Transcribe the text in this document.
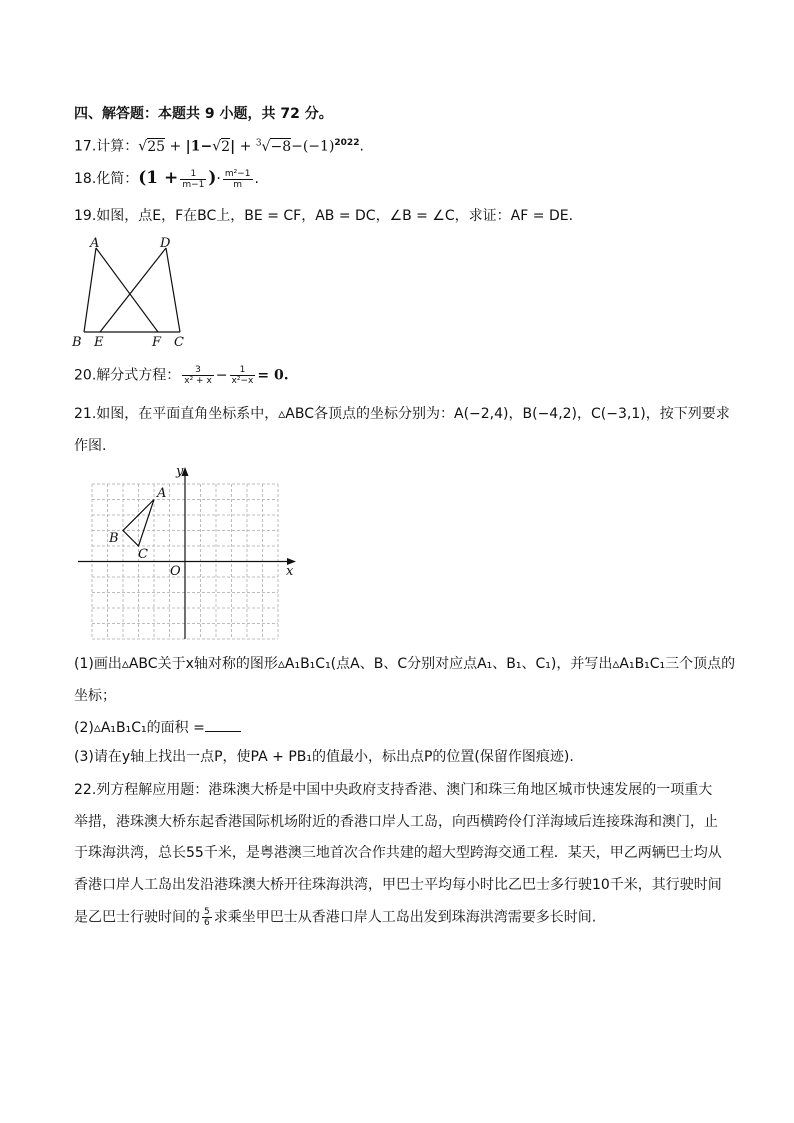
四、解答题：本题共 9 小题，共 72 分。
17.计算：$√25 + |1-√2| + ^3√-8-(-1)^{2022}$.
18.化简：($1 + \frac{1}{m-1}$ )· $\frac{\text{m²−1}}{m}$ .
19.如图，点E，F在BC上，BE = CF，AB = DC，∠B = ∠C，求证：AF = DE.
A	D
B E	F C
20.解分式方程： $\frac{3}{\text{x² + x}} - \frac{1}{\text{x²−x}} = 0$.
21.如图，在平面直角坐标系中，▵ABC各顶点的坐标分别为：A(−2,4)，B(−4,2)，C(−3,1)，按下列要求
作图.
y
x
O
A
B
C
(1)画出▵ABC关于x轴对称的图形▵A₁B₁C₁(点A、B、C分别对应点A₁、B₁、C₁)，并写出▵A₁B₁C₁三个顶点的
坐标；
(2)▵A₁B₁C₁的面积 =
(3)请在y轴上找出一点P，使PA + PB₁的值最小，标出点P的位置(保留作图痕迹).
22.列方程解应用题：港珠澳大桥是中国中央政府支持香港、澳门和珠三角地区城市快速发展的一项重大
举措，港珠澳大桥东起香港国际机场附近的香港口岸人工岛，向西横跨伶仃洋海域后连接珠海和澳门，止
于珠海洪湾，总长55千米，是粤港澳三地首次合作共建的超大型跨海交通工程．某天，甲乙两辆巴士均从
香港口岸人工岛出发沿港珠澳大桥开往珠海洪湾，甲巴士平均每小时比乙巴士多行驶10千米，其行驶时间
是乙巴士行驶时间的 $\frac{5}{6}$ 求乘坐甲巴士从香港口岸人工岛出发到珠海洪湾需要多长时间.
